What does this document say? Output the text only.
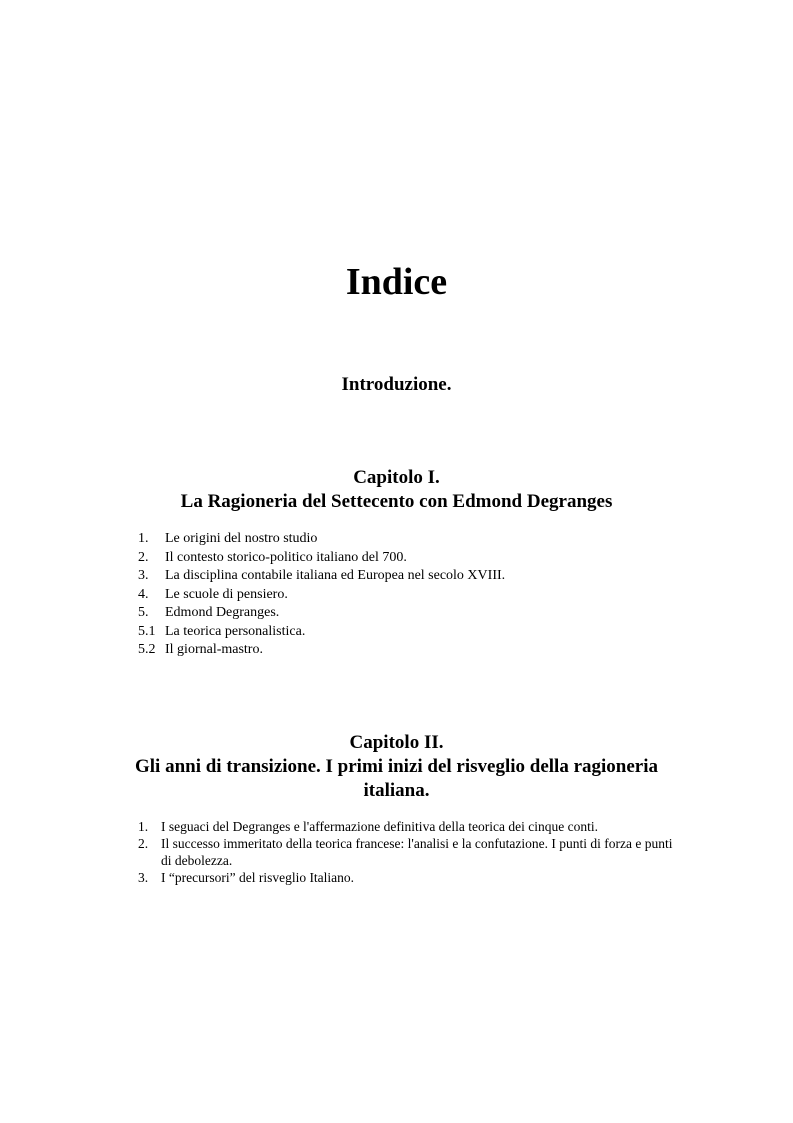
Indice
Introduzione.
Capitolo I.
La Ragioneria del Settecento con Edmond Degranges
1.	Le origini del nostro studio
2.	Il contesto storico-politico italiano del 700.
3.	La disciplina contabile italiana ed Europea nel secolo XVIII.
4.	Le scuole di pensiero.
5.	Edmond Degranges.
5.1 La teorica personalistica.
5.2 Il giornal-mastro.
Capitolo II.
Gli anni di transizione. I primi inizi del risveglio della ragioneria
italiana.
1. I seguaci del Degranges e l'affermazione definitiva della teorica dei cinque conti.
2. Il successo immeritato della teorica francese: l'analisi e la confutazione. I punti di forza e punti di debolezza.
3. I “precursori” del risveglio Italiano.
